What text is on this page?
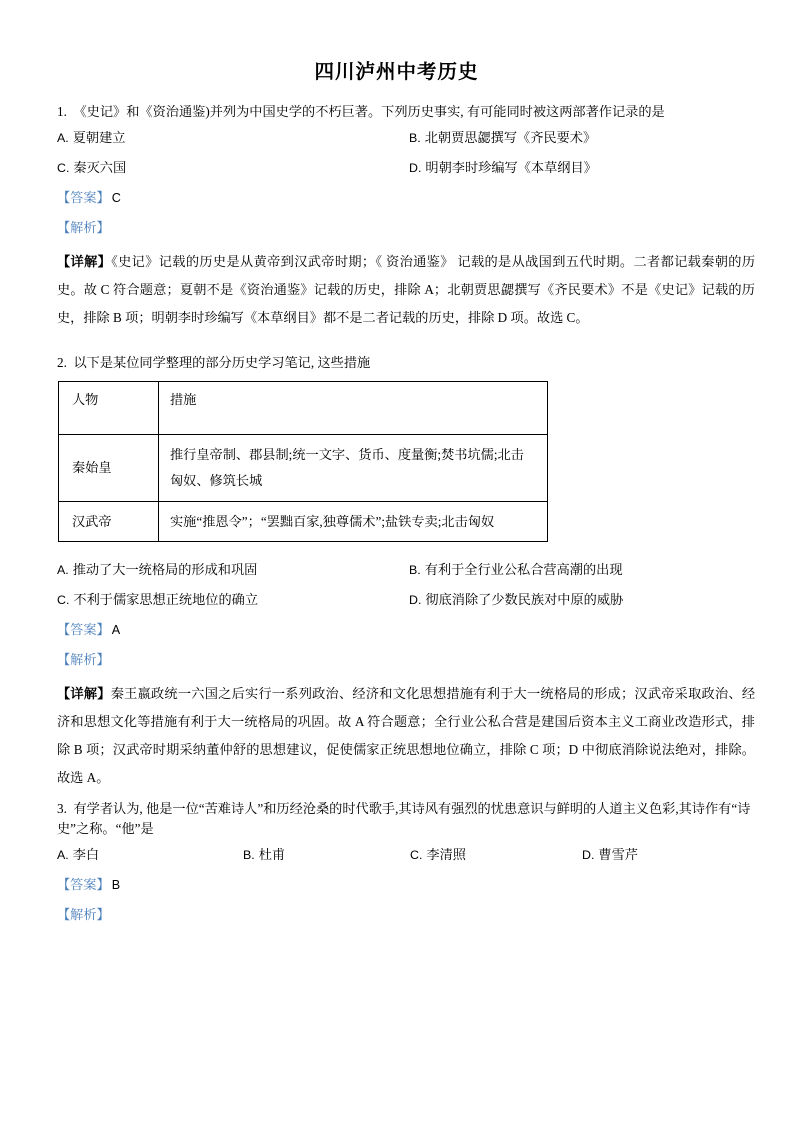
四川泸州中考历史

1. 《史记》和《资治通鉴)并列为中国史学的不朽巨著。下列历史事实, 有可能同时被这两部著作记录的是

A. 夏朝建立	B. 北朝贾思勰撰写《齐民要术》
C. 秦灭六国	D. 明朝李时珍编写《本草纲目》

【答案】 C

【解析】

【详解】《史记》记载的历史是从黄帝到汉武帝时期；《 资治通鉴》 记载的是从战国到五代时期。二者都记载秦朝的历史。故 C 符合题意；夏朝不是《资治通鉴》记载的历史，排除 A；北朝贾思勰撰写《齐民要术》不是《史记》记载的历史，排除 B 项；明朝李时珍编写《本草纲目》都不是二者记载的历史，排除 D 项。故选 C。

2. 以下是某位同学整理的部分历史学习笔记, 这些措施

人物	措施
秦始皇	推行皇帝制、郡县制;统一文字、货币、度量衡;焚书坑儒;北击匈奴、修筑长城
汉武帝	实施“推恩令”；“罢黜百家,独尊儒术”;盐铁专卖;北击匈奴
A. 推动了大一统格局的形成和巩固	B. 有利于全行业公私合营高潮的出现
C. 不利于儒家思想正统地位的确立	D. 彻底消除了少数民族对中原的威胁

【答案】 A

【解析】

【详解】秦王嬴政统一六国之后实行一系列政治、经济和文化思想措施有利于大一统格局的形成；汉武帝采取政治、经济和思想文化等措施有利于大一统格局的巩固。故 A 符合题意；全行业公私合营是建国后资本主义工商业改造形式，排除 B 项；汉武帝时期采纳董仲舒的思想建议，促使儒家正统思想地位确立，排除 C 项；D 中彻底消除说法绝对，排除。故选 A。

3. 有学者认为, 他是一位“苦难诗人”和历经沧桑的时代歌手,其诗风有强烈的忧患意识与鲜明的人道主义色彩,其诗作有“诗史”之称。“他”是

A. 李白	B. 杜甫	C. 李清照	D. 曹雪芹

【答案】 B

【解析】
